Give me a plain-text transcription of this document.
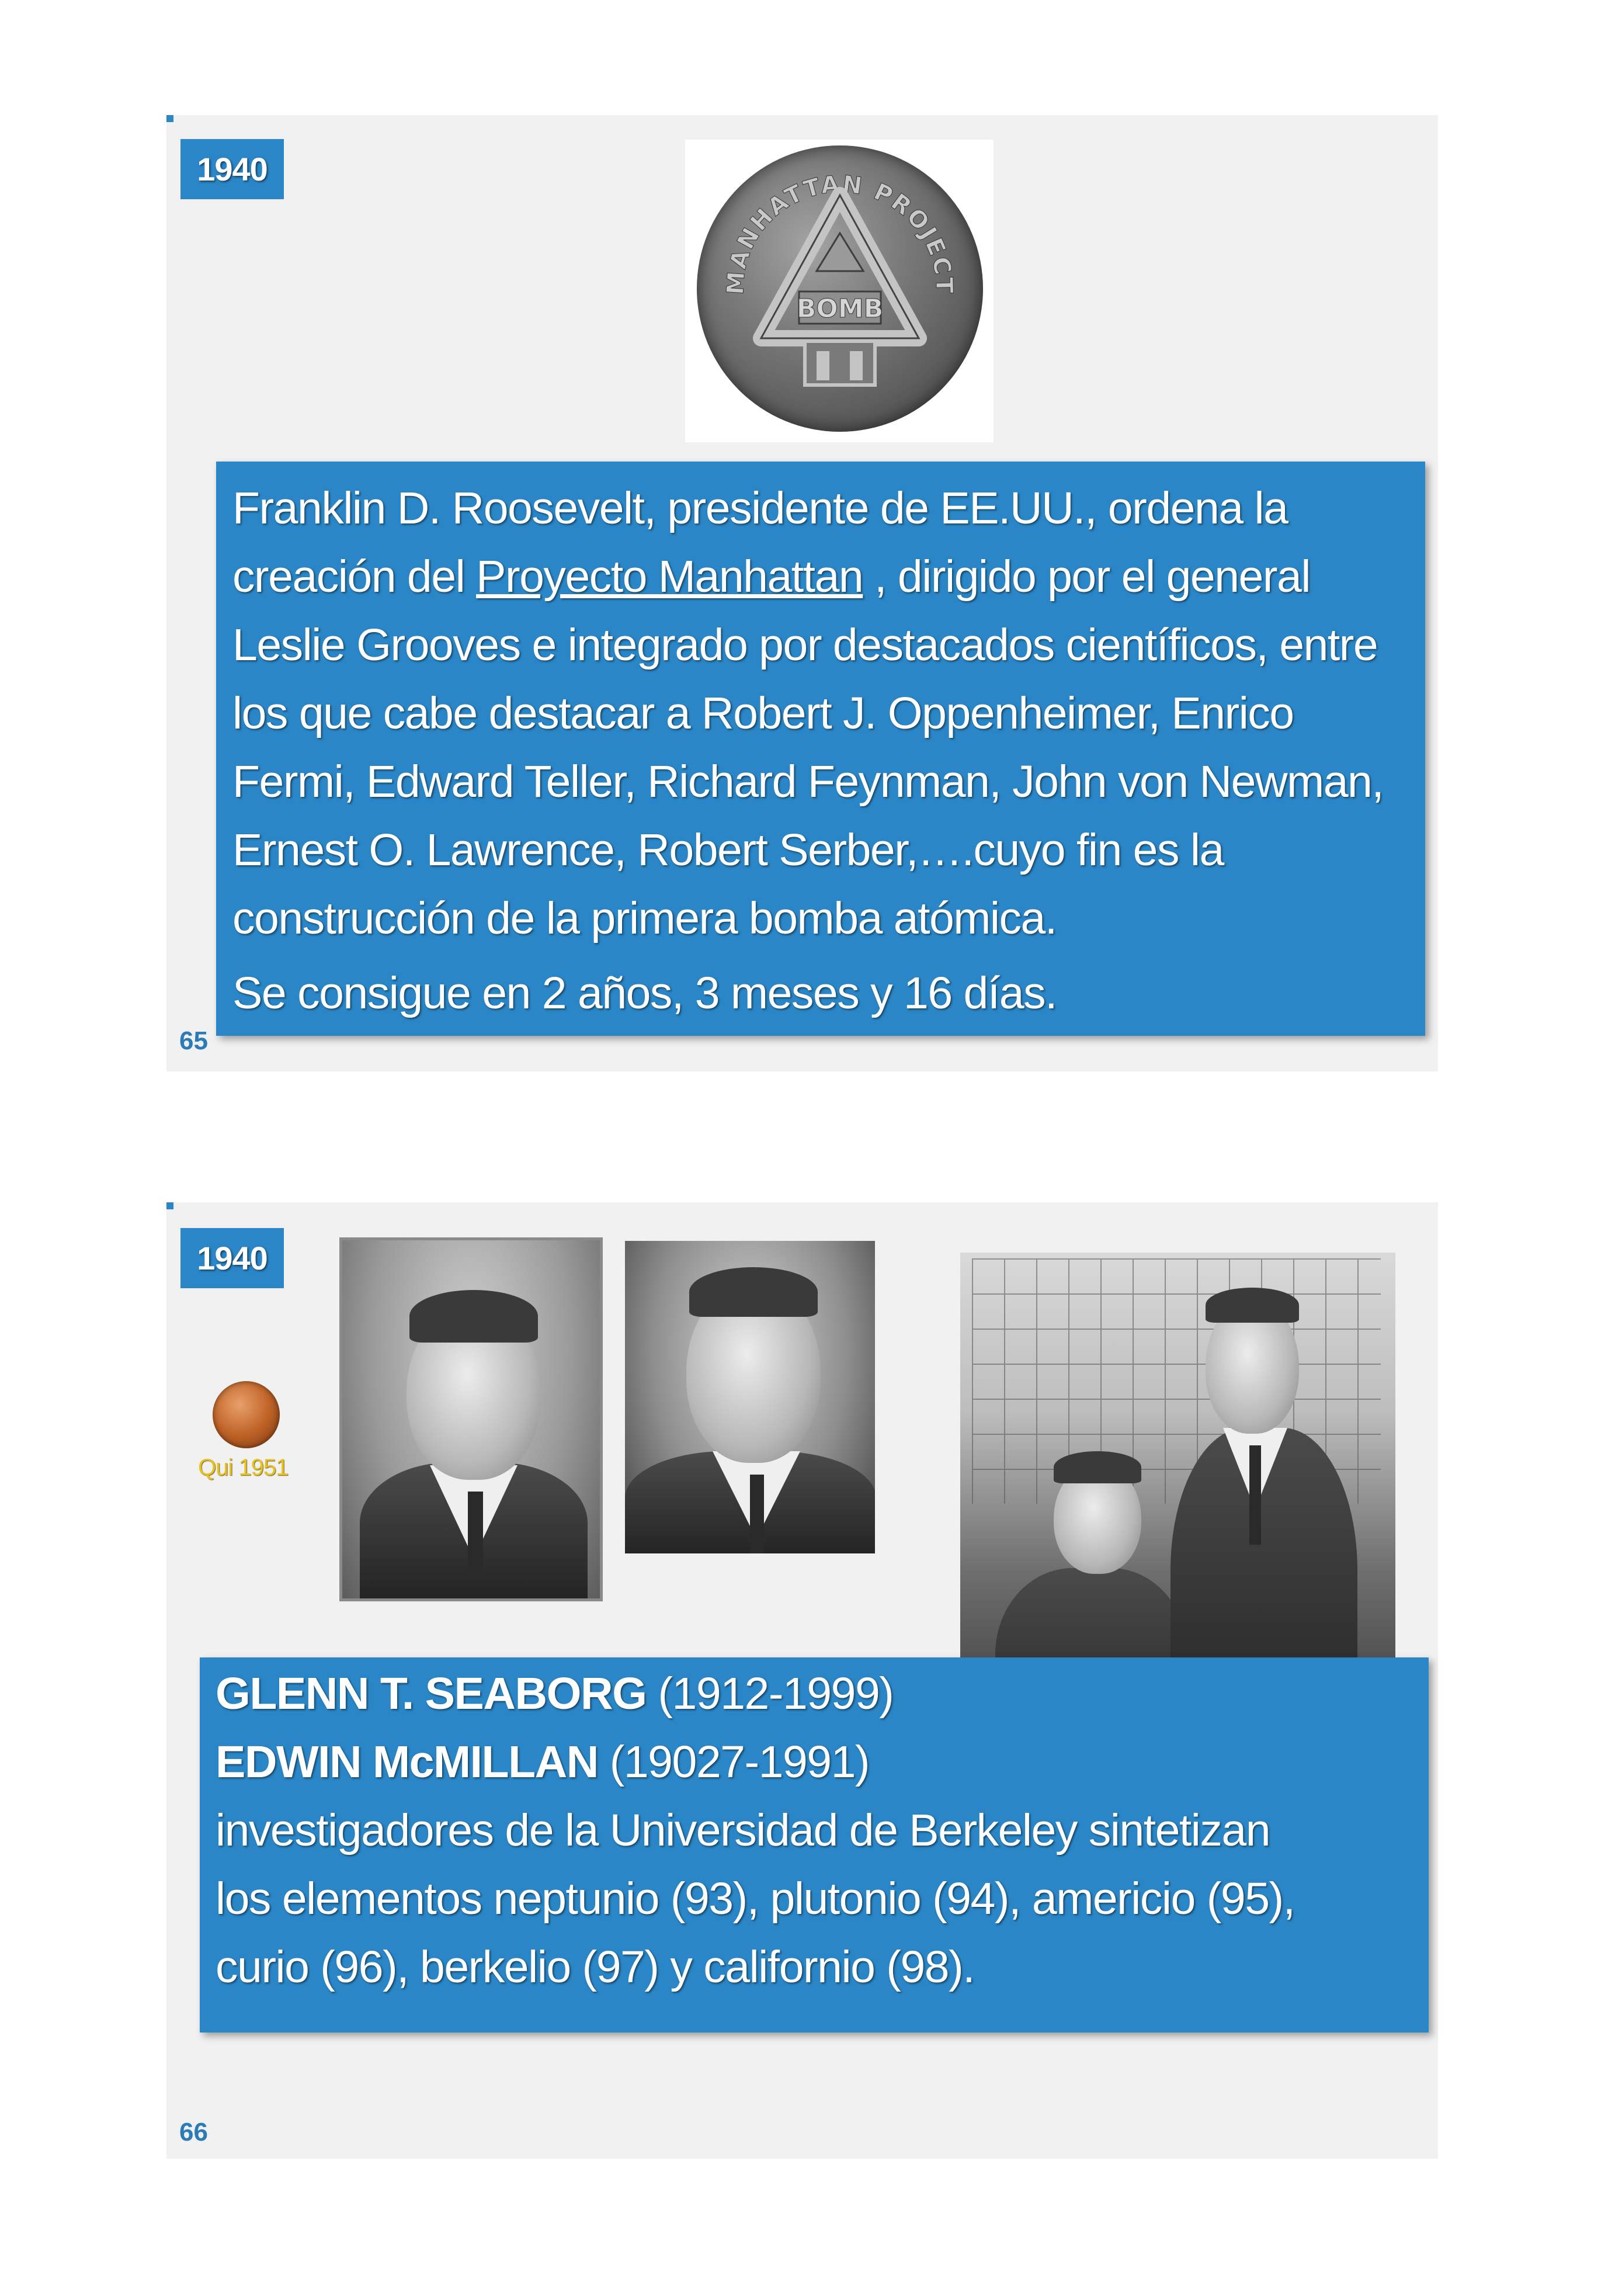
1940
MANHATTAN PROJECT
BOMB
Franklin D. Roosevelt, presidente de EE.UU., ordena la creación del Proyecto Manhattan , dirigido por el general Leslie Grooves e integrado por destacados científicos, entre los que cabe destacar a Robert J. Oppenheimer, Enrico Fermi, Edward Teller, Richard Feynman, John von Newman, Ernest O. Lawrence, Robert Serber,….cuyo fin es la construcción de la primera bomba atómica.
Se consigue en 2 años, 3 meses y 16 días.
65
1940
Qui 1951
GLENN T. SEABORG (1912-1999)
EDWIN McMILLAN (19027-1991)
investigadores de la Universidad de Berkeley sintetizan
los elementos neptunio (93), plutonio (94), americio (95),
curio (96), berkelio (97) y californio (98).
66
